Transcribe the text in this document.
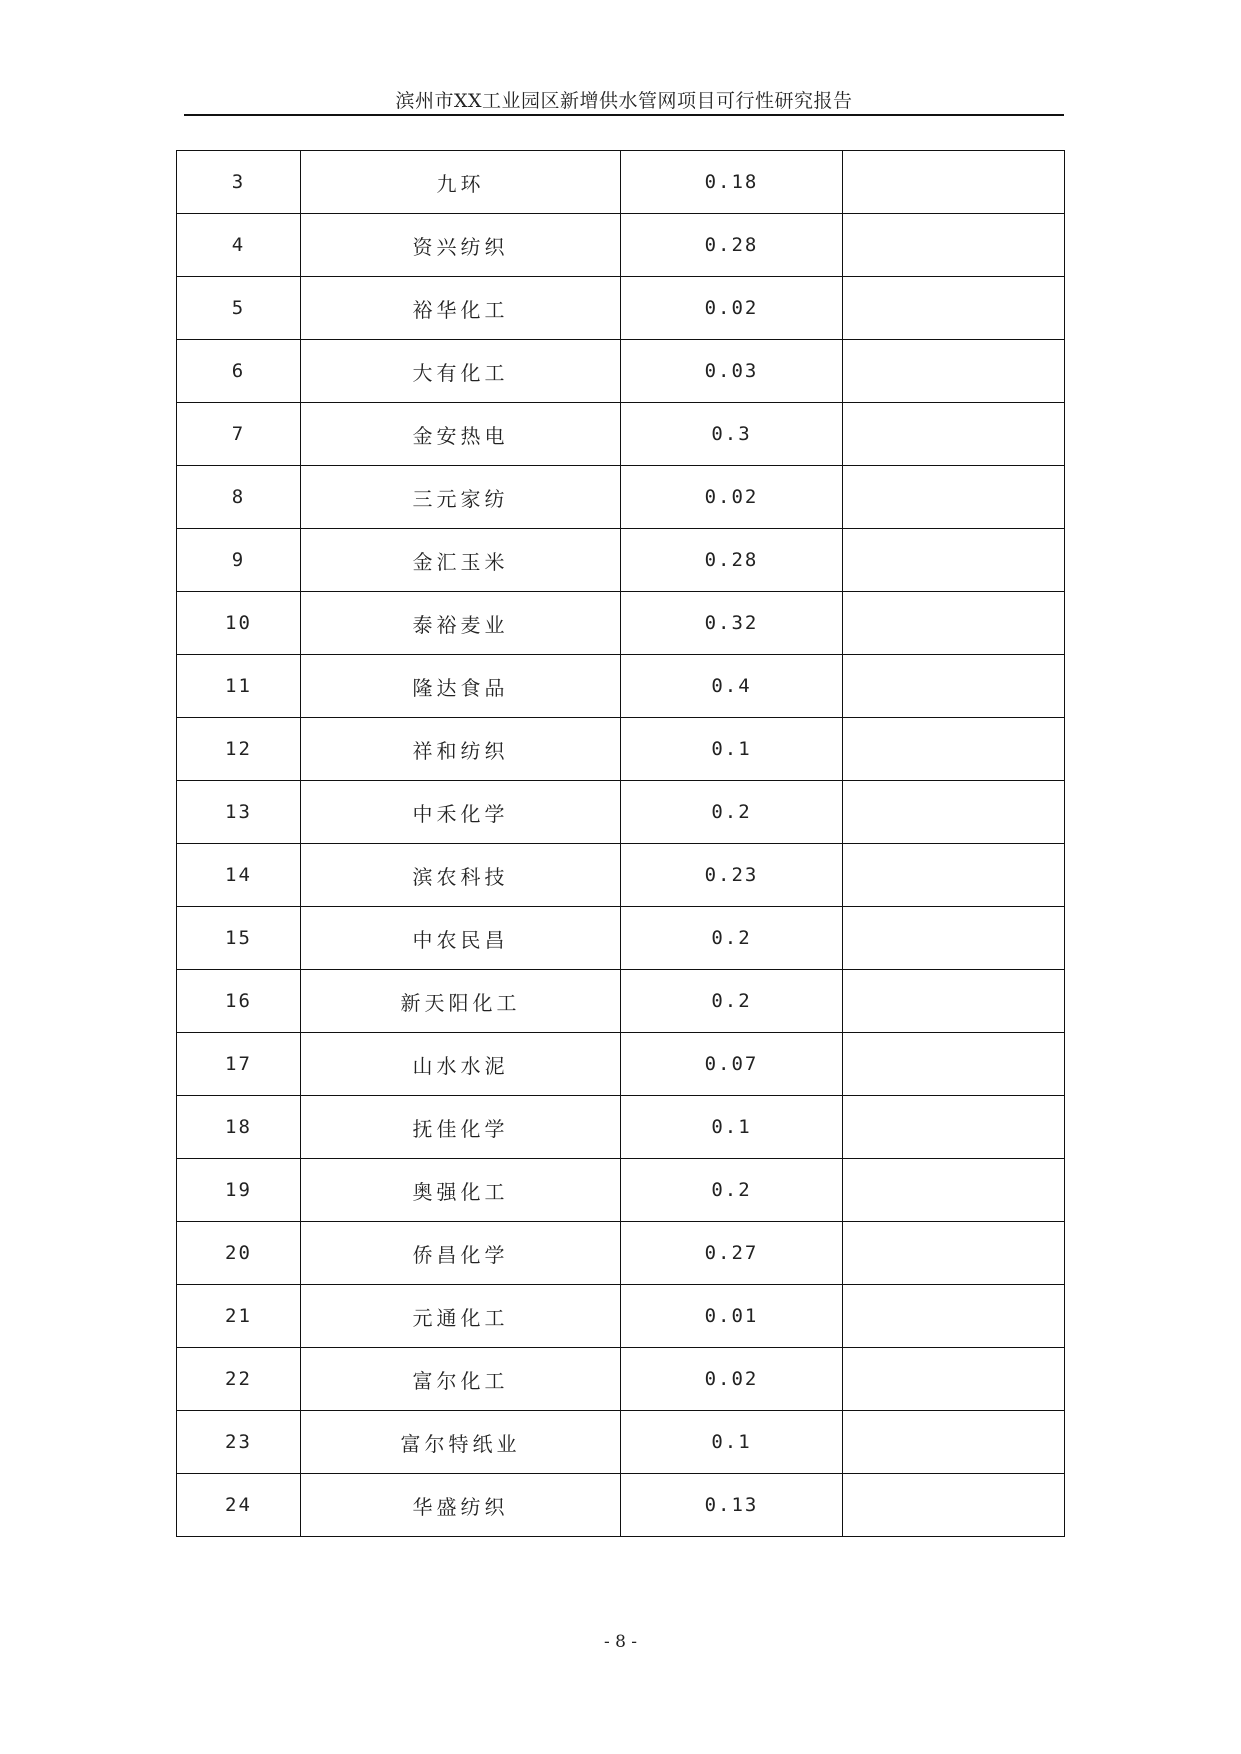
滨州市XX工业园区新增供水管网项目可行性研究报告
3	九环	0.18	
4	资兴纺织	0.28	
5	裕华化工	0.02	
6	大有化工	0.03	
7	金安热电	0.3	
8	三元家纺	0.02	
9	金汇玉米	0.28	
10	泰裕麦业	0.32	
11	隆达食品	0.4	
12	祥和纺织	0.1	
13	中禾化学	0.2	
14	滨农科技	0.23	
15	中农民昌	0.2	
16	新天阳化工	0.2	
17	山水水泥	0.07	
18	抚佳化学	0.1	
19	奥强化工	0.2	
20	侨昌化学	0.27	
21	元通化工	0.01	
22	富尔化工	0.02	
23	富尔特纸业	0.1	
24	华盛纺织	0.13	
- 8 -
